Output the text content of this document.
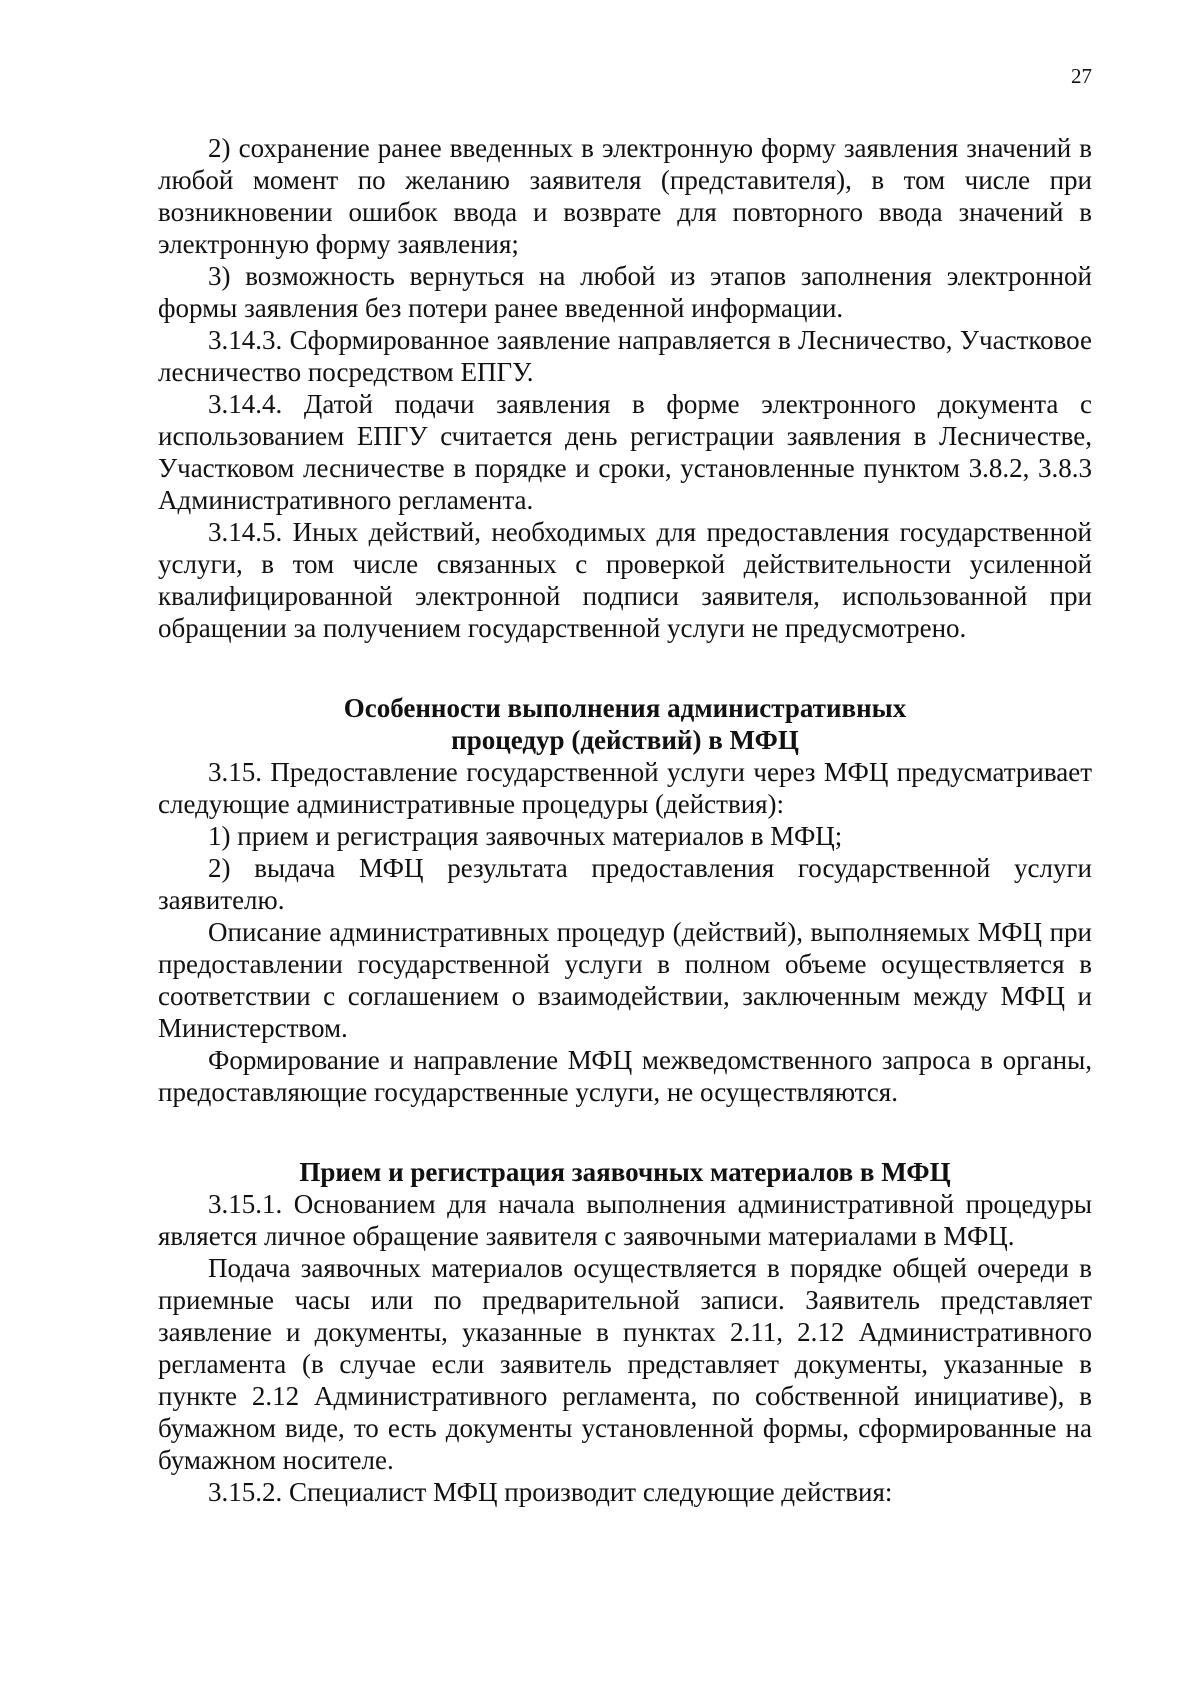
27

2) сохранение ранее введенных в электронную форму заявления значений в любой момент по желанию заявителя (представителя), в том числе при возникновении ошибок ввода и возврате для повторного ввода значений в электронную форму заявления;

3) возможность вернуться на любой из этапов заполнения электронной формы заявления без потери ранее введенной информации.

3.14.3. Сформированное заявление направляется в Лесничество, Участковое лесничество посредством ЕПГУ.

3.14.4. Датой подачи заявления в форме электронного документа с использованием ЕПГУ считается день регистрации заявления в Лесничестве, Участковом лесничестве в порядке и сроки, установленные пунктом 3.8.2, 3.8.3 Административного регламента.

3.14.5. Иных действий, необходимых для предоставления государственной услуги, в том числе связанных с проверкой действительности усиленной квалифицированной электронной подписи заявителя, использованной при обращении за получением государственной услуги не предусмотрено.

Особенности выполнения административных
процедур (действий) в МФЦ

3.15. Предоставление государственной услуги через МФЦ предусматривает следующие административные процедуры (действия):

1) прием и регистрация заявочных материалов в МФЦ;

2) выдача МФЦ результата предоставления государственной услуги заявителю.

Описание административных процедур (действий), выполняемых МФЦ при предоставлении государственной услуги в полном объеме осуществляется в соответствии с соглашением о взаимодействии, заключенным между МФЦ и Министерством.

Формирование и направление МФЦ межведомственного запроса в органы, предоставляющие государственные услуги, не осуществляются.

Прием и регистрация заявочных материалов в МФЦ

3.15.1. Основанием для начала выполнения административной процедуры является личное обращение заявителя с заявочными материалами в МФЦ.

Подача заявочных материалов осуществляется в порядке общей очереди в приемные часы или по предварительной записи. Заявитель представляет заявление и документы, указанные в пунктах 2.11, 2.12 Административного регламента (в случае если заявитель представляет документы, указанные в пункте 2.12 Административного регламента, по собственной инициативе), в бумажном виде, то есть документы установленной формы, сформированные на бумажном носителе.

3.15.2. Специалист МФЦ производит следующие действия:
